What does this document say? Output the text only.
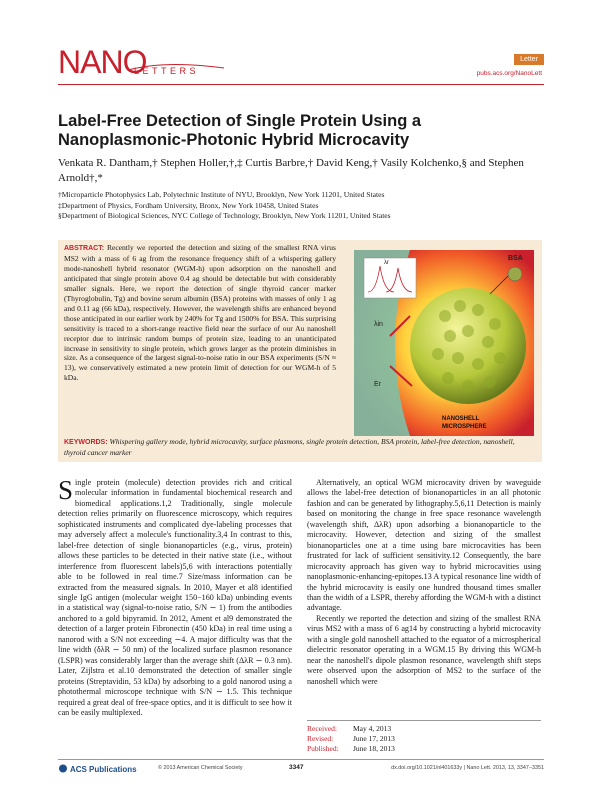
NANO
LETTERS
Letter
pubs.acs.org/NanoLett
Label-Free Detection of Single Protein Using a Nanoplasmonic-Photonic Hybrid Microcavity
Venkata R. Dantham,† Stephen Holler,†,‡ Curtis Barbre,† David Keng,† Vasily Kolchenko,§ and Stephen Arnold†,*
†Microparticle Photophysics Lab, Polytechnic Institute of NYU, Brooklyn, New York 11201, United States
‡Department of Physics, Fordham University, Bronx, New York 10458, United States
§Department of Biological Sciences, NYC College of Technology, Brooklyn, New York 11201, United States
ABSTRACT: Recently we reported the detection and sizing of the smallest RNA virus MS2 with a mass of 6 ag from the resonance frequency shift of a whispering gallery mode-nanoshell hybrid resonator (WGM-h) upon adsorption on the nanoshell and anticipated that single protein above 0.4 ag should be detectable but with considerably smaller signals. Here, we report the detection of single thyroid cancer marker (Thyroglobulin, Tg) and bovine serum albumin (BSA) proteins with masses of only 1 ag and 0.11 ag (66 kDa), respectively. However, the wavelength shifts are enhanced beyond those anticipated in our earlier work by 240% for Tg and 1500% for BSA. This surprising sensitivity is traced to a short-range reactive field near the surface of our Au nanoshell receptor due to intrinsic random bumps of protein size, leading to an unanticipated increase in sensitivity to single protein, which grows larger as the protein diminishes in size. As a consequence of the largest signal-to-noise ratio in our BSA experiments (S/N ≈ 13), we conservatively estimated a new protein limit of detection for our WGM-h of 5 kDa.
BSA
λr
λin
Er
NANOSHELL
MICROSPHERE
KEYWORDS: Whispering gallery mode, hybrid microcavity, surface plasmons, single protein detection, BSA protein, label-free detection, nanoshell, thyroid cancer marker

Single protein (molecule) detection provides rich and critical molecular information in fundamental biochemical research and biomedical applications.1,2 Traditionally, single molecule detection relies primarily on fluorescence microscopy, which requires sophisticated instruments and complicated dye-labeling processes that may adversely affect a molecule's functionality.3,4 In contrast to this, label-free detection of single bionanoparticles (e.g., virus, protein) allows these particles to be detected in their native state (i.e., without interference from fluorescent labels)5,6 with interactions potentially able to be followed in real time.7 Size/mass information can be extracted from the measured signals. In 2010, Mayer et al8 identified single IgG antigen (molecular weight 150−160 kDa) unbinding events in a statistical way (signal-to-noise ratio, S/N ∼ 1) from the antibodies anchored to a gold bipyramid. In 2012, Ament et al9 demonstrated the detection of a larger protein Fibronectin (450 kDa) in real time using a nanorod with a S/N not exceeding ∼4. A major difficulty was that the line width (δλR ∼ 50 nm) of the localized surface plasmon resonance (LSPR) was considerably larger than the average shift (ΔλR ∼ 0.3 nm). Later, Zijlstra et al.10 demonstrated the detection of smaller single proteins (Streptavidin, 53 kDa) by adsorbing to a gold nanorod using a photothermal microscope technique with S/N ∼ 1.5. This technique required a great deal of free-space optics, and it is difficult to see how it can be easily multiplexed.

Alternatively, an optical WGM microcavity driven by waveguide allows the label-free detection of bionanoparticles in an all photonic fashion and can be generated by lithography.5,6,11 Detection is mainly based on monitoring the change in free space resonance wavelength (wavelength shift, ΔλR) upon adsorbing a bionanoparticle to the microcavity. However, detection and sizing of the smallest bionanoparticles one at a time using bare microcavities has been frustrated for lack of sufficient sensitivity.12 Consequently, the bare microcavity approach has given way to hybrid microcavities using nanoplasmonic-enhancing-epitopes.13 A typical resonance line width of the hybrid microcavity is easily one hundred thousand times smaller than the width of a LSPR, thereby affording the WGM-h with a distinct advantage.

Recently we reported the detection and sizing of the smallest RNA virus MS2 with a mass of 6 ag14 by constructing a hybrid microcavity with a single gold nanoshell attached to the equator of a microspherical dielectric resonator operating in a WGM.15 By driving this WGM-h near the nanoshell's dipole plasmon resonance, wavelength shift steps were observed upon the adsorption of MS2 to the surface of the nanoshell which were

Received:	May 4, 2013
Revised:	June 17, 2013
Published:	June 18, 2013
ACS Publications	© 2013 American Chemical Society	3347	dx.doi.org/10.1021/nl401633y | Nano Lett. 2013, 13, 3347−3351
